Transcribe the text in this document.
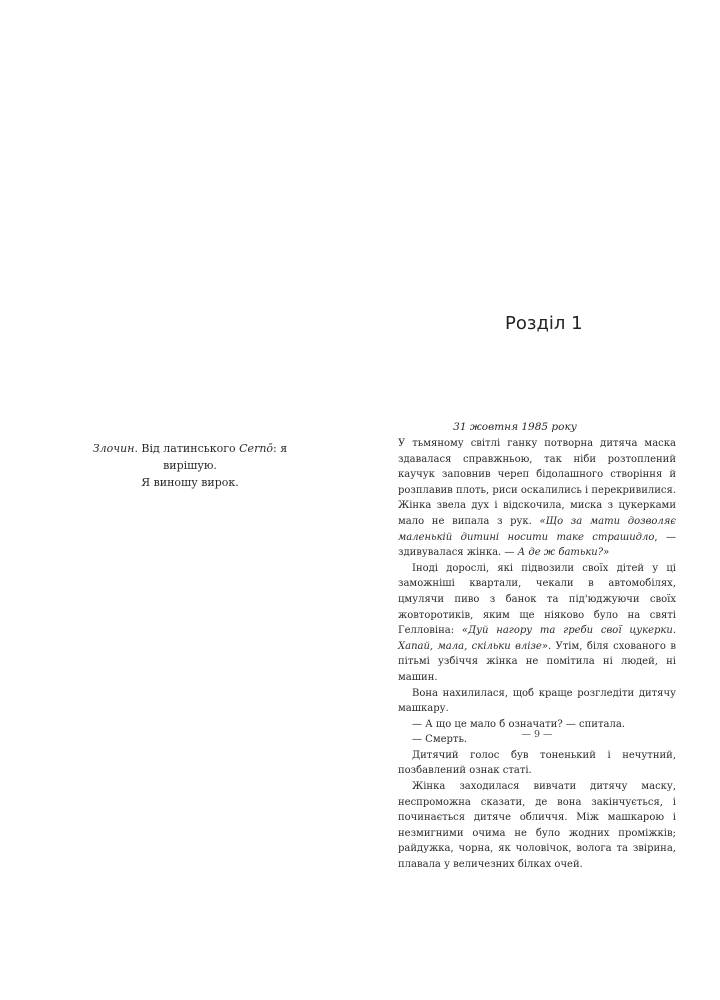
Злочин. Від латинського Cernō: я вирішую.
Я виношу вирок.
Розділ 1
31 жовтня 1985 року

У тьмяному світлі ганку потворна дитяча маска здавалася справжньою, так ніби розтоплений каучук заповнив череп бідолашного створіння й розплавив плоть, риси оскалились і перекривилися. Жінка звела дух і відскочила, миска з цукерками мало не випала з рук. «Що за мати дозволяє маленькій дитині носити таке страшидло, — здивувалася жінка. — А де ж батьки?»

Іноді дорослі, які підвозили своїх дітей у ці заможніші квартали, чекали в автомобілях, цмулячи пиво з банок та під'юджуючи своїх жовторотиків, яким ще ніяково було на святі Гелловіна: «Дуй нагору та греби свої цукерки. Хапай, мала, скільки влізе». Утім, біля схованого в пітьмі узбіччя жінка не помітила ні людей, ні машин.

Вона нахилилася, щоб краще розгледіти дитячу машкару.

— А що це мало б означати? — спитала.

— Смерть.

Дитячий голос був тоненький і нечутний, позбавлений ознак статі.

Жінка заходилася вивчати дитячу маску, неспроможна сказати, де вона закінчується, і починається дитяче обличчя. Між машкарою і незмигними очима не було жодних проміжків; райдужка, чорна, як чоловічок, волога та звірина, плавала у величезних білках очей.

— 9 —
